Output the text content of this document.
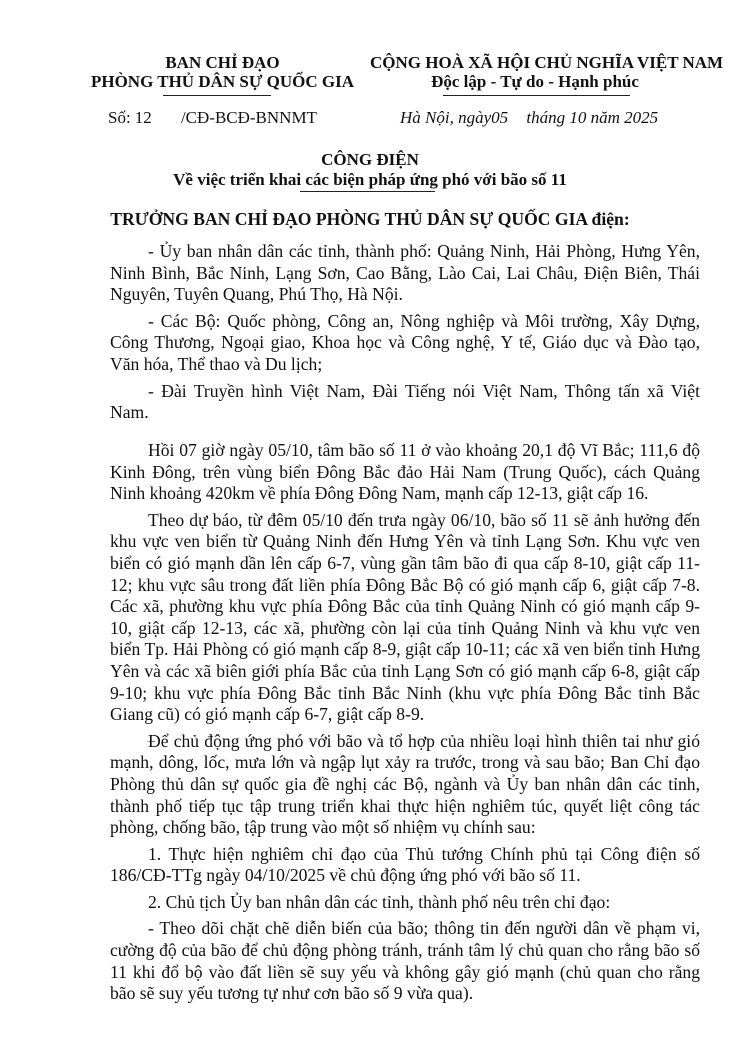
BAN CHỈ ĐẠO
PHÒNG THỦ DÂN SỰ QUỐC GIA
CỘNG HOÀ XÃ HỘI CHỦ NGHĨA VIỆT NAM
Độc lập - Tự do - Hạnh phúc
Số: 12 /CĐ-BCĐ-BNNMT	Hà Nội, ngày05 tháng 10 năm 2025
CÔNG ĐIỆN
Về việc triển khai các biện pháp ứng phó với bão số 11
TRƯỞNG BAN CHỈ ĐẠO PHÒNG THỦ DÂN SỰ QUỐC GIA điện:

- Ủy ban nhân dân các tỉnh, thành phố: Quảng Ninh, Hải Phòng, Hưng Yên, Ninh Bình, Bắc Ninh, Lạng Sơn, Cao Bằng, Lào Cai, Lai Châu, Điện Biên, Thái Nguyên, Tuyên Quang, Phú Thọ, Hà Nội.

- Các Bộ: Quốc phòng, Công an, Nông nghiệp và Môi trường, Xây Dựng, Công Thương, Ngoại giao, Khoa học và Công nghệ, Y tế, Giáo dục và Đào tạo, Văn hóa, Thể thao và Du lịch;

- Đài Truyền hình Việt Nam, Đài Tiếng nói Việt Nam, Thông tấn xã Việt Nam.

Hồi 07 giờ ngày 05/10, tâm bão số 11 ở vào khoảng 20,1 độ Vĩ Bắc; 111,6 độ Kinh Đông, trên vùng biển Đông Bắc đảo Hải Nam (Trung Quốc), cách Quảng Ninh khoảng 420km về phía Đông Đông Nam, mạnh cấp 12-13, giật cấp 16.

Theo dự báo, từ đêm 05/10 đến trưa ngày 06/10, bão số 11 sẽ ảnh hưởng đến khu vực ven biển từ Quảng Ninh đến Hưng Yên và tỉnh Lạng Sơn. Khu vực ven biển có gió mạnh dần lên cấp 6-7, vùng gần tâm bão đi qua cấp 8-10, giật cấp 11-12; khu vực sâu trong đất liền phía Đông Bắc Bộ có gió mạnh cấp 6, giật cấp 7-8. Các xã, phường khu vực phía Đông Bắc của tỉnh Quảng Ninh có gió mạnh cấp 9-10, giật cấp 12-13, các xã, phường còn lại của tỉnh Quảng Ninh và khu vực ven biển Tp. Hải Phòng có gió mạnh cấp 8-9, giật cấp 10-11; các xã ven biển tỉnh Hưng Yên và các xã biên giới phía Bắc của tỉnh Lạng Sơn có gió mạnh cấp 6-8, giật cấp 9-10; khu vực phía Đông Bắc tỉnh Bắc Ninh (khu vực phía Đông Bắc tỉnh Bắc Giang cũ) có gió mạnh cấp 6-7, giật cấp 8-9.

Để chủ động ứng phó với bão và tổ hợp của nhiều loại hình thiên tai như gió mạnh, dông, lốc, mưa lớn và ngập lụt xảy ra trước, trong và sau bão; Ban Chỉ đạo Phòng thủ dân sự quốc gia đề nghị các Bộ, ngành và Ủy ban nhân dân các tỉnh, thành phố tiếp tục tập trung triển khai thực hiện nghiêm túc, quyết liệt công tác phòng, chống bão, tập trung vào một số nhiệm vụ chính sau:

1. Thực hiện nghiêm chỉ đạo của Thủ tướng Chính phủ tại Công điện số 186/CĐ-TTg ngày 04/10/2025 về chủ động ứng phó với bão số 11.

2. Chủ tịch Ủy ban nhân dân các tỉnh, thành phố nêu trên chỉ đạo:

- Theo dõi chặt chẽ diễn biến của bão; thông tin đến người dân về phạm vi, cường độ của bão để chủ động phòng tránh, tránh tâm lý chủ quan cho rằng bão số 11 khi đổ bộ vào đất liền sẽ suy yếu và không gây gió mạnh (chủ quan cho rằng bão sẽ suy yếu tương tự như cơn bão số 9 vừa qua).
